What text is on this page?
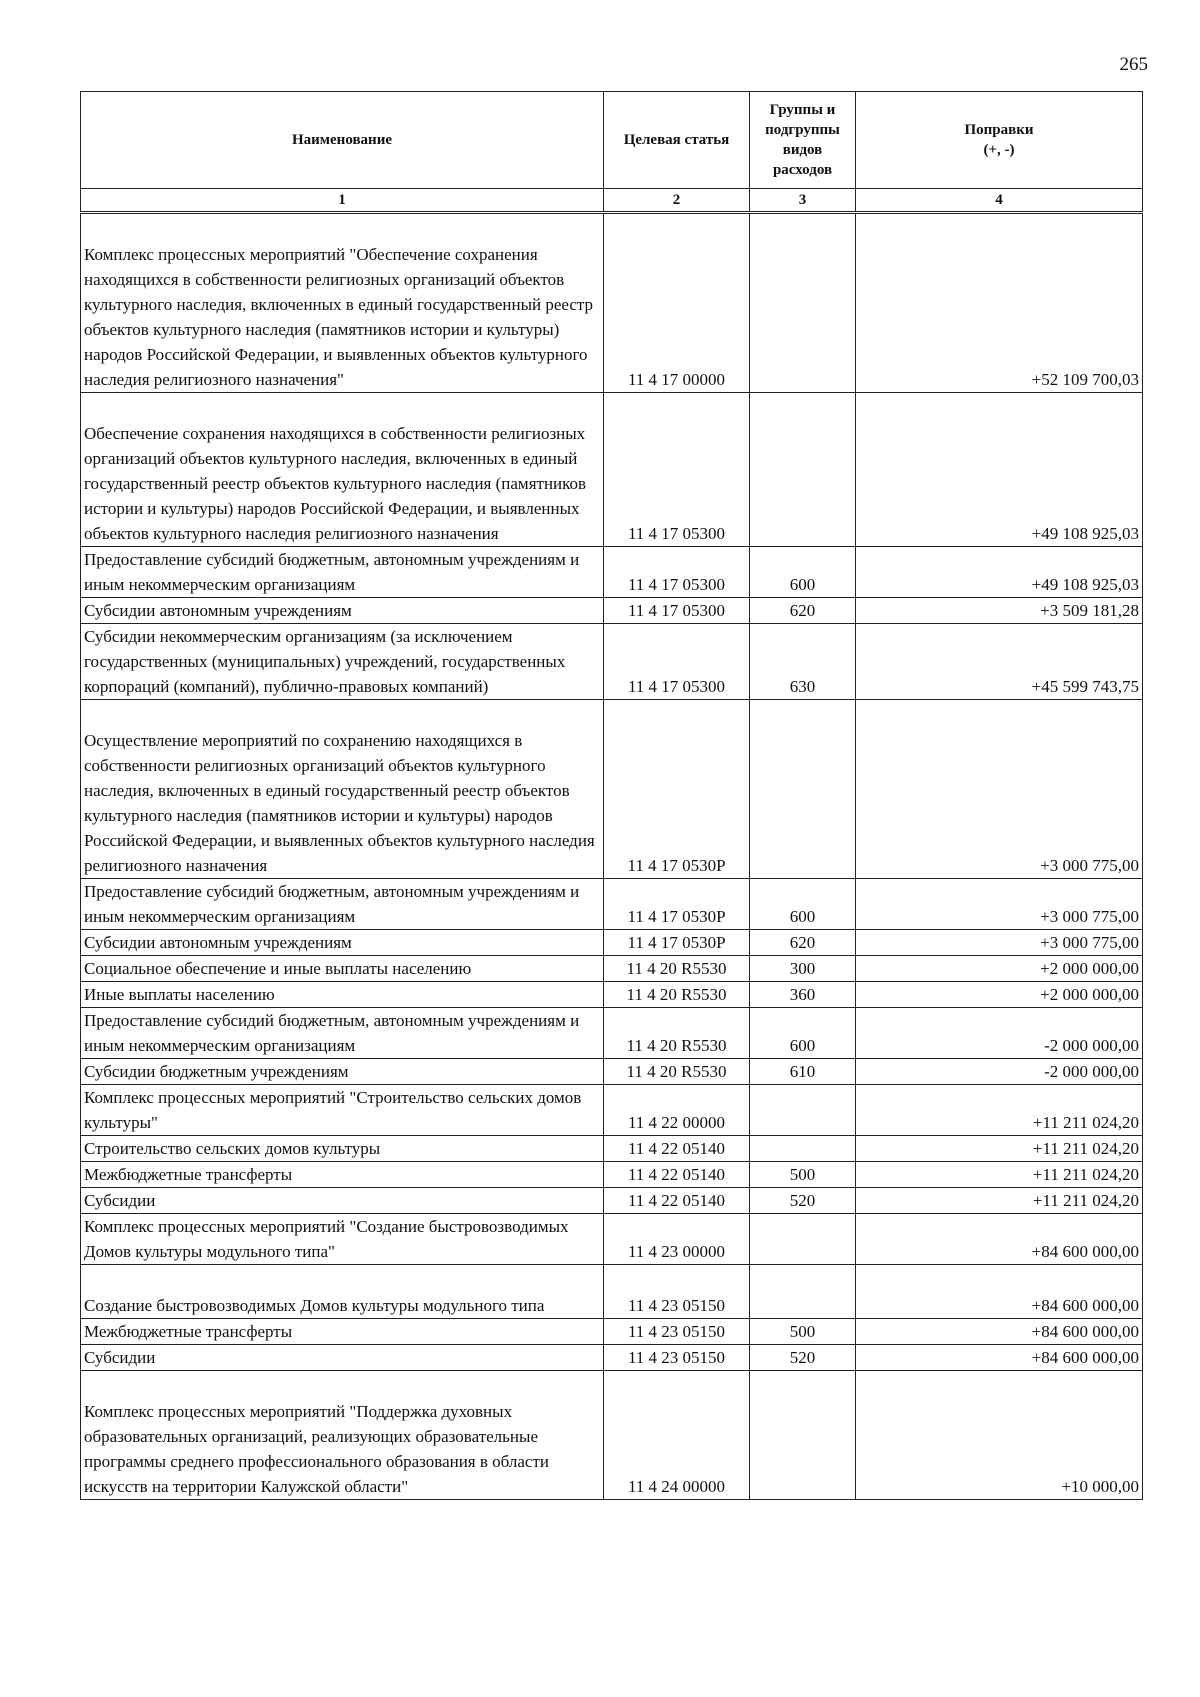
265
Наименование	Целевая статья	Группы и подгруппы видов расходов	Поправки
(+, -)
1	2	3	4
Комплекс процессных мероприятий "Обеспечение сохранения находящихся в собственности религиозных организаций объектов культурного наследия, включенных в единый государственный реестр объектов культурного наследия (памятников истории и культуры) народов Российской Федерации, и выявленных объектов культурного наследия религиозного назначения"	11 4 17 00000		+52 109 700,03
Обеспечение сохранения находящихся в собственности религиозных организаций объектов культурного наследия, включенных в единый государственный реестр объектов культурного наследия (памятников истории и культуры) народов Российской Федерации, и выявленных объектов культурного наследия религиозного назначения	11 4 17 05300		+49 108 925,03
Предоставление субсидий бюджетным, автономным учреждениям и иным некоммерческим организациям	11 4 17 05300	600	+49 108 925,03
Субсидии автономным учреждениям	11 4 17 05300	620	+3 509 181,28
Субсидии некоммерческим организациям (за исключением государственных (муниципальных) учреждений, государственных корпораций (компаний), публично-правовых компаний)	11 4 17 05300	630	+45 599 743,75
Осуществление мероприятий по сохранению находящихся в собственности религиозных организаций объектов культурного наследия, включенных в единый государственный реестр объектов культурного наследия (памятников истории и культуры) народов Российской Федерации, и выявленных объектов культурного наследия религиозного назначения	11 4 17 0530Р		+3 000 775,00
Предоставление субсидий бюджетным, автономным учреждениям и иным некоммерческим организациям	11 4 17 0530Р	600	+3 000 775,00
Субсидии автономным учреждениям	11 4 17 0530Р	620	+3 000 775,00
Социальное обеспечение и иные выплаты населению	11 4 20 R5530	300	+2 000 000,00
Иные выплаты населению	11 4 20 R5530	360	+2 000 000,00
Предоставление субсидий бюджетным, автономным учреждениям и иным некоммерческим организациям	11 4 20 R5530	600	-2 000 000,00
Субсидии бюджетным учреждениям	11 4 20 R5530	610	-2 000 000,00
Комплекс процессных мероприятий "Строительство сельских домов культуры"	11 4 22 00000		+11 211 024,20
Строительство сельских домов культуры	11 4 22 05140		+11 211 024,20
Межбюджетные трансферты	11 4 22 05140	500	+11 211 024,20
Субсидии	11 4 22 05140	520	+11 211 024,20
Комплекс процессных мероприятий "Создание быстровозводимых Домов культуры модульного типа"	11 4 23 00000		+84 600 000,00
Создание быстровозводимых Домов культуры модульного типа	11 4 23 05150		+84 600 000,00
Межбюджетные трансферты	11 4 23 05150	500	+84 600 000,00
Субсидии	11 4 23 05150	520	+84 600 000,00
Комплекс процессных мероприятий "Поддержка духовных образовательных организаций, реализующих образовательные программы среднего профессионального образования в области искусств на территории Калужской области"	11 4 24 00000		+10 000,00
